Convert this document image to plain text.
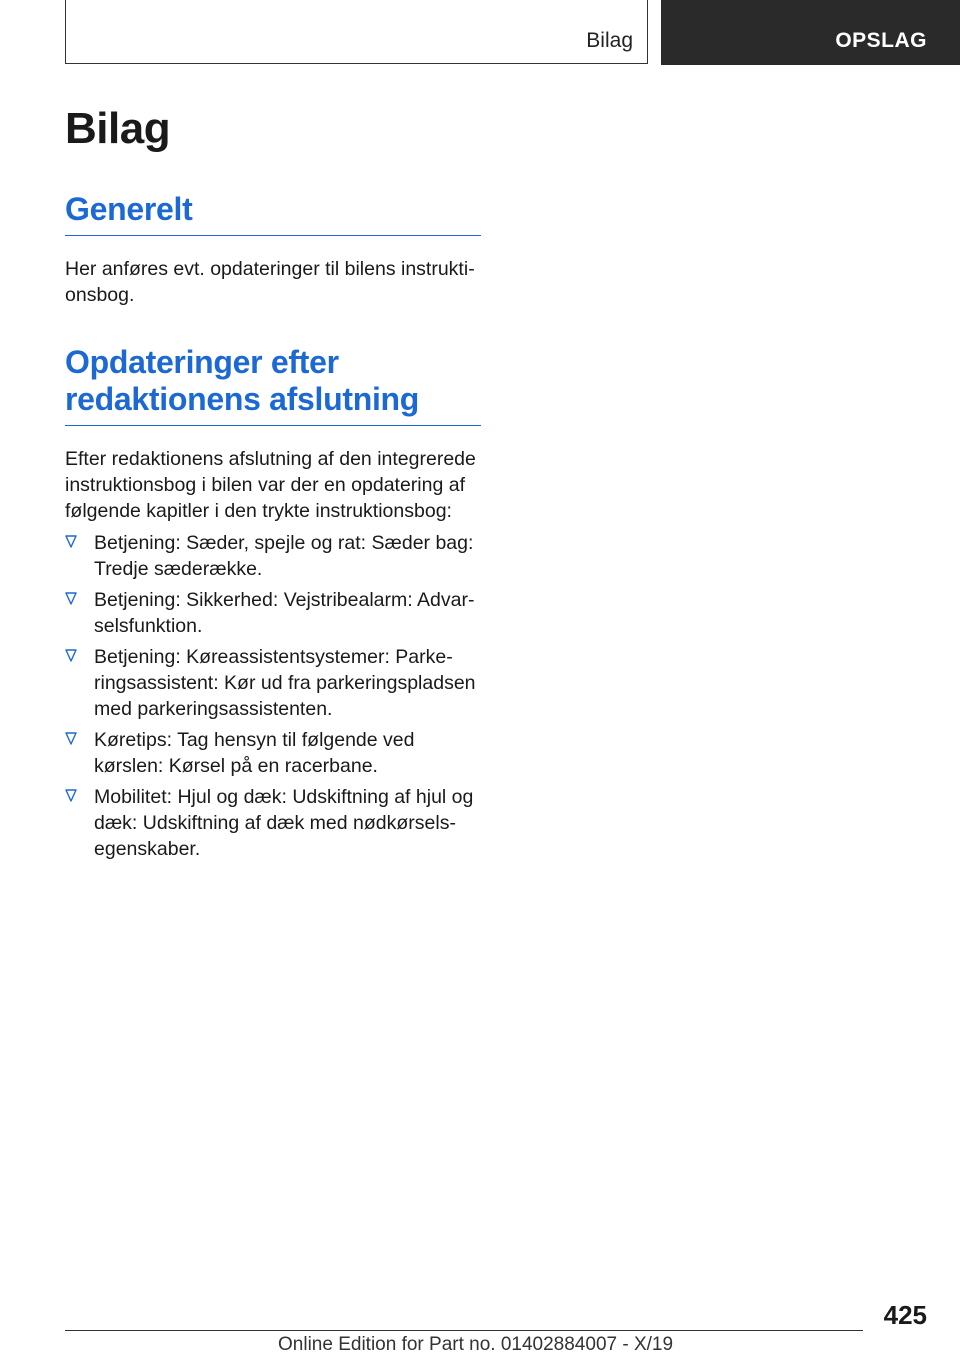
Bilag	OPSLAG
Bilag
Generelt

Her anføres evt. opdateringer til bilens instruktionsbog.

Opdateringer efter redaktionens afslutning

Efter redaktionens afslutning af den integrerede instruktionsbog i bilen var der en opdatering af følgende kapitler i den trykte instruktionsbog:

Betjening: Sæder, spejle og rat: Sæder bag: Tredje sæderække.
Betjening: Sikkerhed: Vejstribealarm: Advarselsfunktion.
Betjening: Køreassistentsystemer: Parkeringsassistent: Kør ud fra parkeringspladsen med parkeringsassistenten.
Køretips: Tag hensyn til følgende ved kørslen: Kørsel på en racerbane.
Mobilitet: Hjul og dæk: Udskiftning af hjul og dæk: Udskiftning af dæk med nødkørselsegenskaber.
425
Online Edition for Part no. 01402884007 - X/19
